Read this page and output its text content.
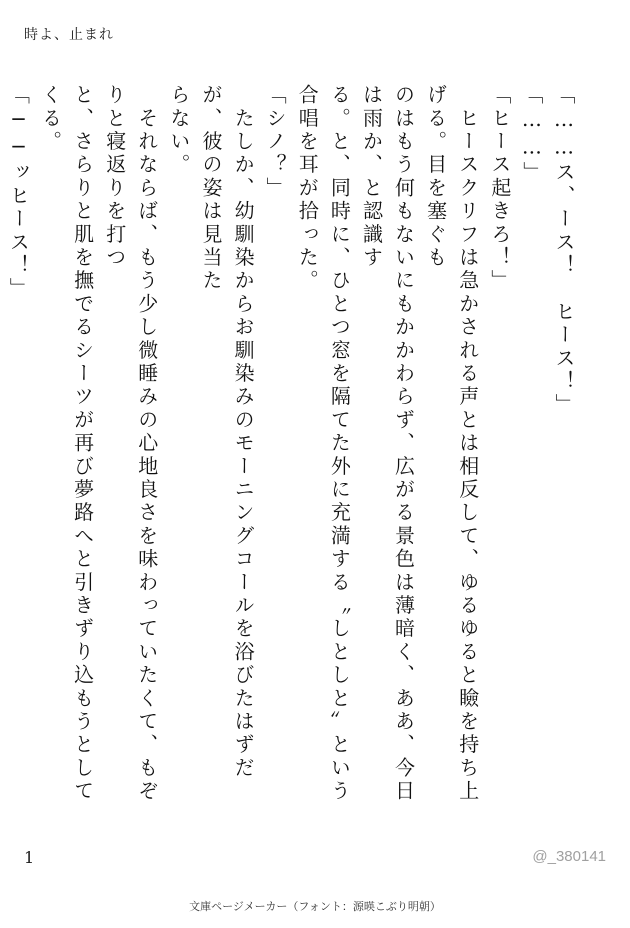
時よ、止まれ

「……ス、ース！　ヒース！」

「……」

「ヒース起きろ！」

　ヒースクリフは急かされる声とは相反して、ゆるゆると瞼を持ち上げる。目を塞ぐも

のはもう何もないにもかかわらず、広がる景色は薄暗く、ああ、今日は雨か、と認識す

る。と、同時に、ひとつ窓を隔てた外に充満する〝しとしと〟という合唱を耳が拾った。

「シノ？」

　たしか、幼馴染からお馴染みのモーニングコールを浴びたはずだが、彼の姿は見当た

らない。

　それならば、もう少し微睡みの心地良さを味わっていたくて、もぞりと寝返りを打つ

と、さらりと肌を撫でるシーツが再び夢路へと引きずり込もうとしてくる。

「──ッヒース！」

1	@_380141
文庫ページメーカー（フォント：源暎こぶり明朝）
